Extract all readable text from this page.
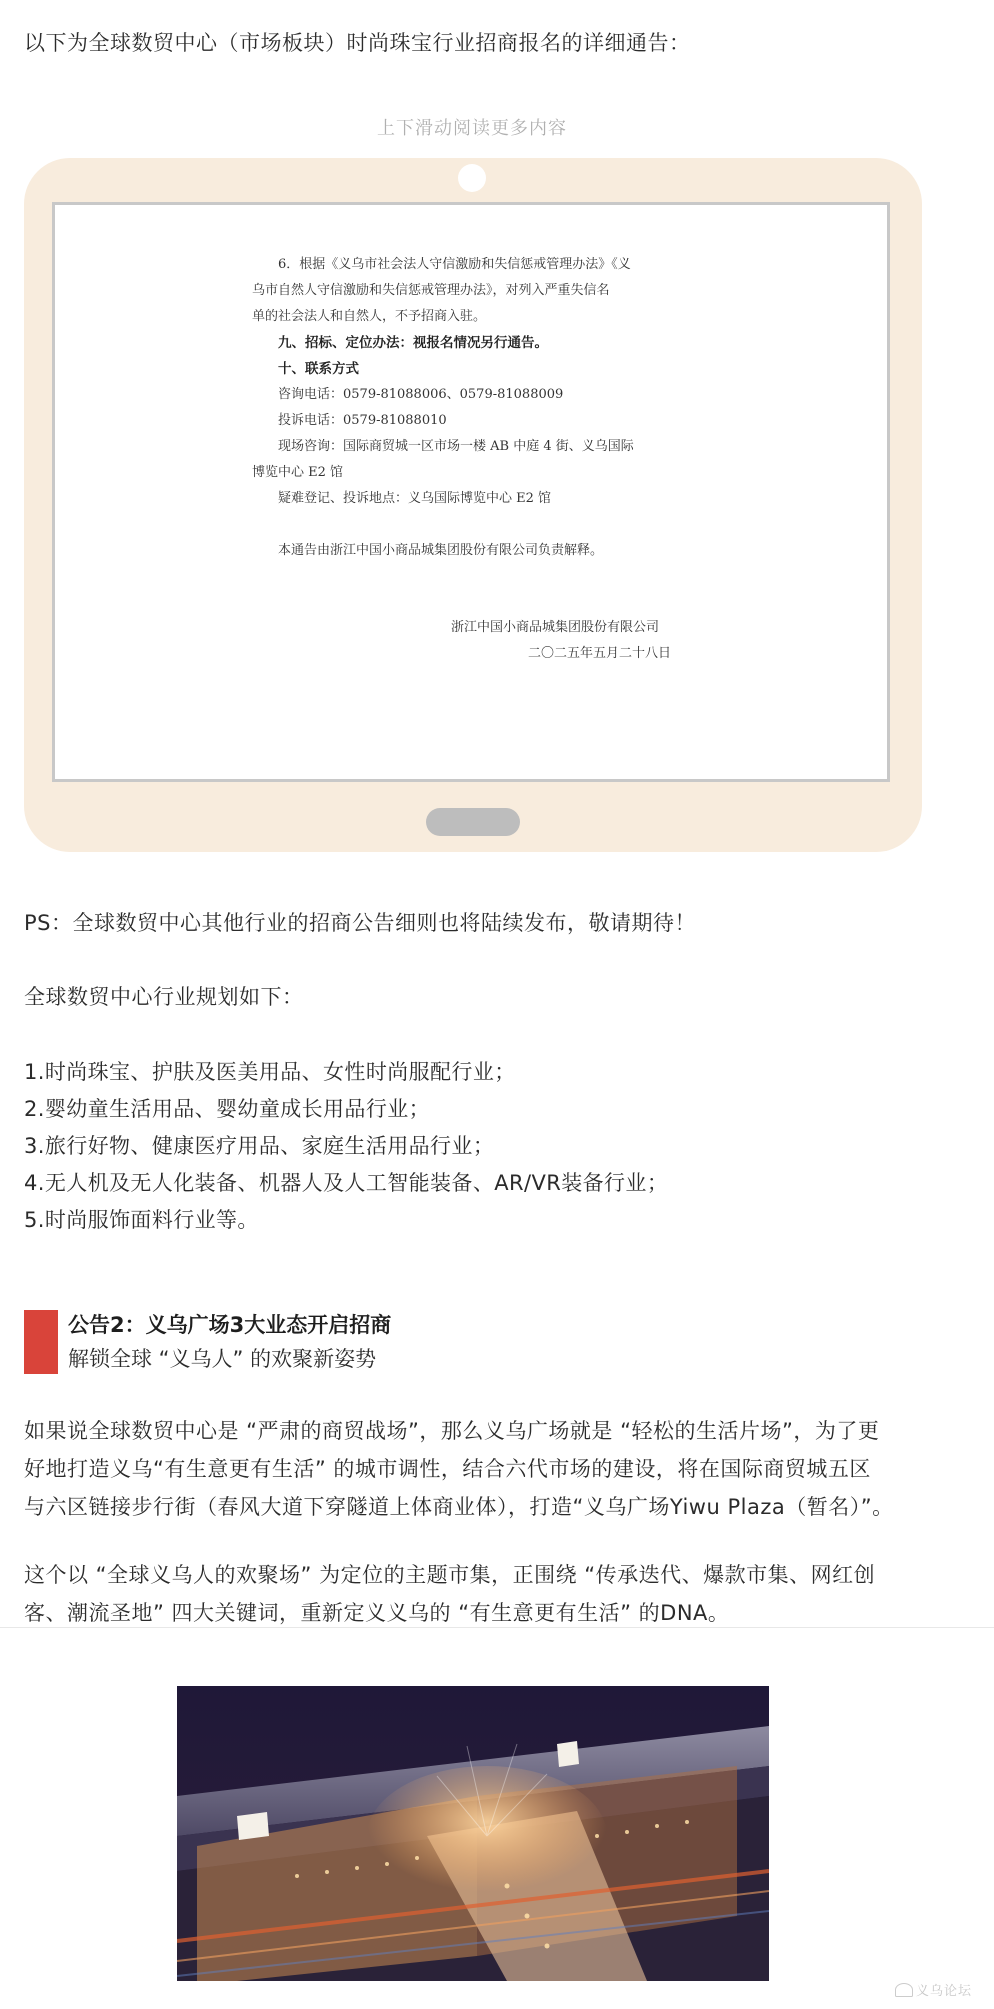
以下为全球数贸中心（市场板块）时尚珠宝行业招商报名的详细通告：

上下滑动阅读更多内容
6．根据《义乌市社会法人守信激励和失信惩戒管理办法》《义
乌市自然人守信激励和失信惩戒管理办法》，对列入严重失信名
单的社会法人和自然人，不予招商入驻。
九、招标、定位办法：视报名情况另行通告。
十、联系方式
咨询电话：0579-81088006、0579-81088009
投诉电话：0579-81088010
现场咨询：国际商贸城一区市场一楼 AB 中庭 4 街、义乌国际
博览中心 E2 馆
疑难登记、投诉地点：义乌国际博览中心 E2 馆
本通告由浙江中国小商品城集团股份有限公司负责解释。
浙江中国小商品城集团股份有限公司
二〇二五年五月二十八日

PS：全球数贸中心其他行业的招商公告细则也将陆续发布，敬请期待！

全球数贸中心行业规划如下：

1.时尚珠宝、护肤及医美用品、女性时尚服配行业；
2.婴幼童生活用品、婴幼童成长用品行业；
3.旅行好物、健康医疗用品、家庭生活用品行业；
4.无人机及无人化装备、机器人及人工智能装备、AR/VR装备行业；
5.时尚服饰面料行业等。
公告2：义乌广场3大业态开启招商
解锁全球 “义乌人” 的欢聚新姿势

如果说全球数贸中心是 “严肃的商贸战场”，那么义乌广场就是 “轻松的生活片场”，为了更
好地打造义乌“有生意更有生活” 的城市调性，结合六代市场的建设，将在国际商贸城五区
与六区链接步行街（春风大道下穿隧道上体商业体），打造“义乌广场Yiwu Plaza（暂名）”。

这个以 “全球义乌人的欢聚场” 为定位的主题市集，正围绕 “传承迭代、爆款市集、网红创
客、潮流圣地” 四大关键词，重新定义义乌的 “有生意更有生活” 的DNA。

义乌论坛
